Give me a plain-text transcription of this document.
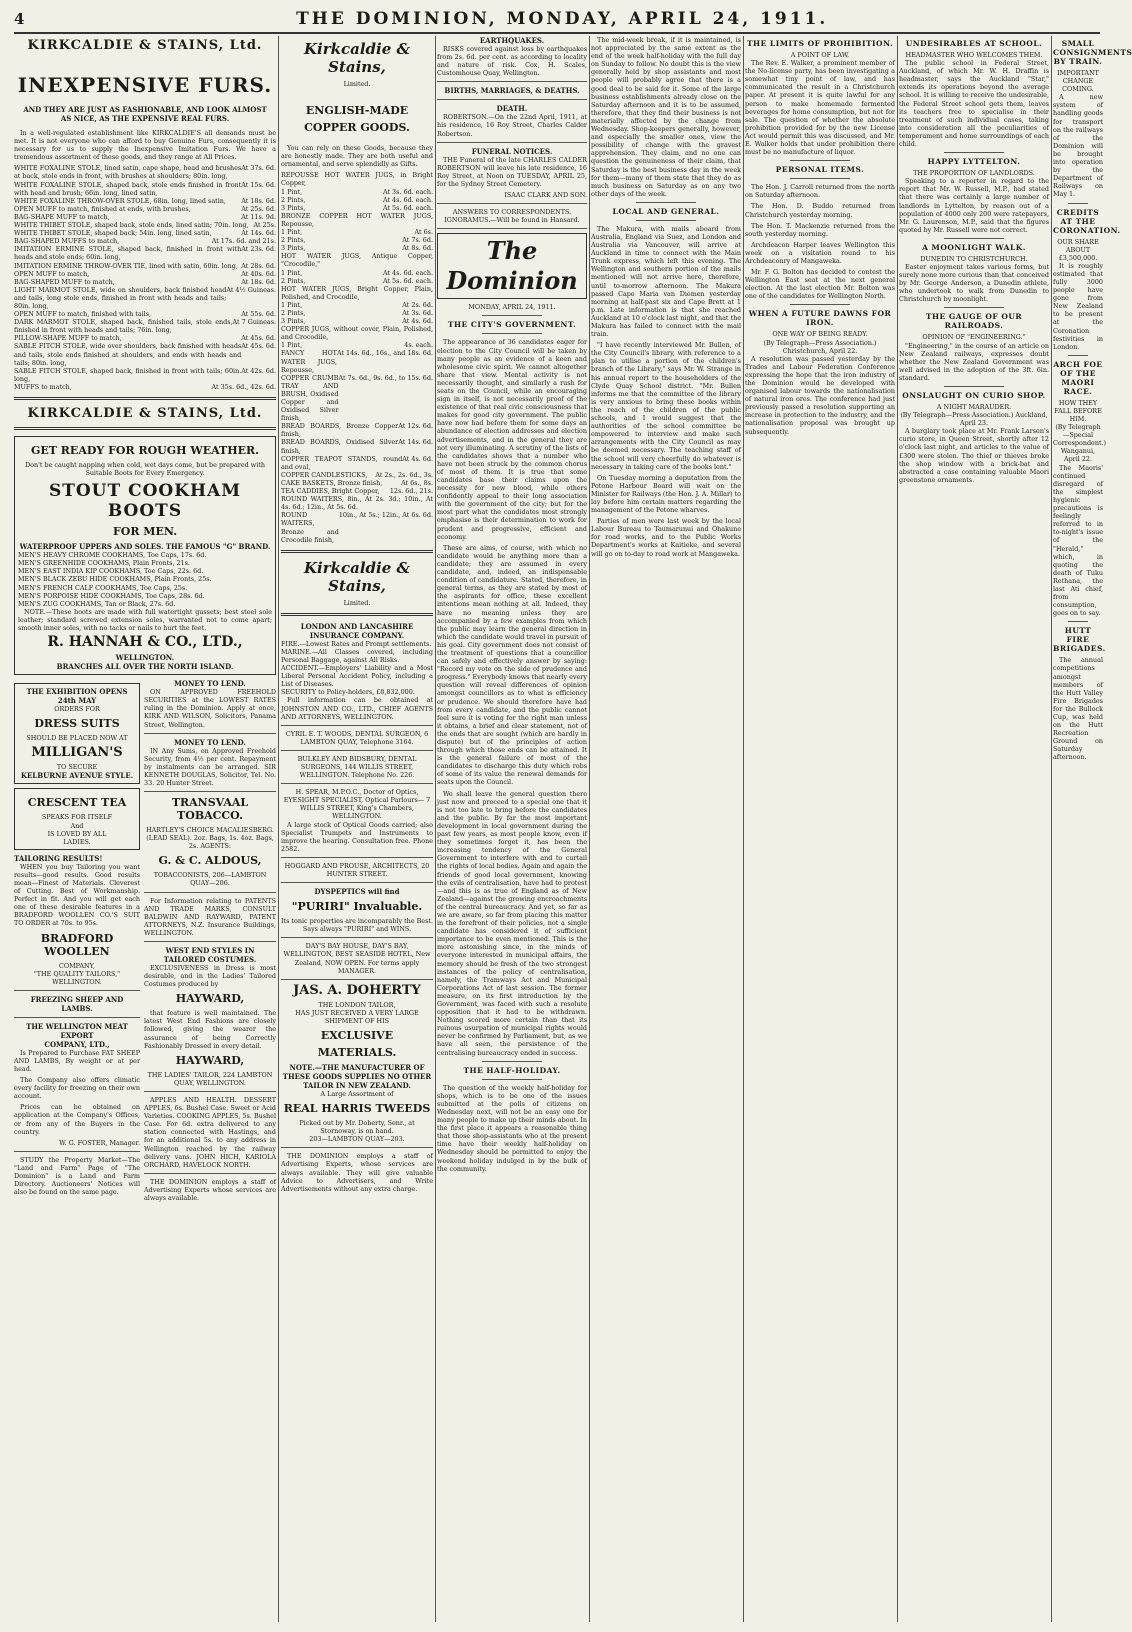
4	THE DOMINION, MONDAY, APRIL 24, 1911.
KIRKCALDIE & STAINS, Ltd.
INEXPENSIVE FURS.
AND THEY ARE JUST AS FASHIONABLE, AND LOOK ALMOST
AS NICE, AS THE EXPENSIVE REAL FURS.

In a well-regulated establishment like KIRKCALDIE'S all demands must be met. It is not everyone who can afford to buy Genuine Furs, consequently it is necessary for us to supply the Inexpensive Imitation Furs. We have a tremendous assortment of these goods, and they range at All Prices.

WHITE FOXALINE STOLE, lined satin, cape shape, head and brushes at back, stole ends in front, with brushes at shoulders; 80in. long,
At 37s. 6d.
WHITE FOXALINE STOLE, shaped back, stole ends finished in front with head and brush; 66in. long, lined satin,
At 15s. 6d.
WHITE FOXALINE THROW-OVER STOLE, 68in. long, lined satin, At 18s. 6d.
OPEN MUFF to match, finished at ends, with brushes,	At 25s. 6d.
BAG-SHAPE MUFF to match,	At 11s. 9d.
WHITE THIBET STOLE, shaped back, stole ends, lined satin; 70in. long, At 25s.
WHITE THIBET STOLE, shaped back; 54in. long, lined satin,	At 14s. 6d.
BAG-SHAPED MUFFS to match,	At 17s. 6d. and 21s.
IMITATION ERMINE STOLE, shaped back, finished in front with heads and stole ends; 60in. long,
At 23s. 6d.
IMITATION ERMINE THROW-OVER TIE, lined with satin, 60in. long, At 28s. 6d.
OPEN MUFF to match,	At 40s. 6d.
BAG-SHAPED MUFF to match,	At 18s. 6d.
LIGHT MARMOT STOLE, wide on shoulders, back finished head and tails, long stole ends, finished in front with heads and tails; 80in. long,
At 4½ Guineas.
OPEN MUFF to match, finished with tails,	At 55s. 6d.
DARK MARMOT STOLE, shaped back, finished tails, stole ends, finished in front with heads and tails; 76in. long,
At 7 Guineas.
PILLOW-SHAPE MUFF to match,	At 45s. 6d.
SABLE FITCH STOLE, wide over shoulders, back finished with heads and tails, stole ends finished at shoulders, and ends with heads and tails; 80in. long,
At 45s. 6d.
SABLE FITCH STOLE, shaped back, finished in front with tails; 60in. long,
At 42s. 6d.
MUFFS to match,	At 35s. 6d., 42s. 6d.
KIRKCALDIE & STAINS, Ltd.
GET READY FOR ROUGH WEATHER.
Don't be caught napping when cold, wet days come, but be prepared with Suitable Boots for Every Emergency.
STOUT COOKHAM BOOTS
FOR MEN.
WATERPROOF UPPERS AND SOLES. THE FAMOUS "G" BRAND.
MEN'S HEAVY CHROME COOKHAMS, Toe Caps, 17s. 6d.
MEN'S GREENHIDE COOKHAMS, Plain Fronts, 21s.
MEN'S EAST INDIA KIP COOKHAMS, Toe Caps, 22s. 6d.
MEN'S BLACK ZEBU HIDE COOKHAMS, Plain Fronts, 25s.
MEN'S FRENCH CALF COOKHAMS, Toe Caps, 25s.
MEN'S PORPOISE HIDE COOKHAMS, Toe Caps, 28s. 6d.
MEN'S ZUG COOKHAMS, Tan or Black, 27s. 6d.

NOTE.—These boots are made with full watertight gussets; best steel sole leather; standard screwed extension soles, warranted not to come apart; smooth inner soles, with no tacks or nails to hurt the feet.

R. HANNAH & CO., LTD.,
WELLINGTON.
BRANCHES ALL OVER THE NORTH ISLAND.
THE EXHIBITION OPENS
24th MAY
ORDERS FOR
DRESS SUITS
SHOULD BE PLACED NOW AT
MILLIGAN'S
TO SECURE
KELBURNE AVENUE STYLE.
CRESCENT TEA
SPEAKS FOR ITSELF
And
IS LOVED BY ALL
LADIES.
TAILORING RESULTS!

WHEN you buy Tailoring you want results—good results. Good results mean—Finest of Materials. Cleverest of Cutting. Best of Workmanship. Perfect in fit. And you will get each one of these desirable features in a BRADFORD WOOLLEN CO.'S SUIT TO ORDER at 70s. to 95s.

BRADFORD WOOLLEN
COMPANY,
"THE QUALITY TAILORS,"
WELLINGTON.
FREEZING SHEEP AND LAMBS.
THE WELLINGTON MEAT EXPORT
COMPANY, LTD.,

Is Prepared to Purchase FAT SHEEP AND LAMBS, By weight or at per head.

The Company also offers climatic every facility for freezing on their own account.

Prices can be obtained on application at the Company's Offices, or from any of the Buyers in the country.

W. G. FOSTER, Manager.

STUDY the Property Market—The "Land and Farm" Page of "The Dominion" is a Land and Farm Directory. Auctioneers' Notices will also be found on the same page.

MONEY TO LEND.

ON APPROVED FREEHOLD SECURITIES at the LOWEST RATES ruling in the Dominion. Apply at once, KIRK AND WILSON, Solicitors, Panama Street, Wellington.

MONEY TO LEND.

IN Any Sums, on Approved Freehold Security, from 4½ per cent. Repayment by instalments can be arranged. SIR KENNETH DOUGLAS, Solicitor, Tel. No. 33. 20 Hunter Street.

TRANSVAAL TOBACCO.
HARTLEY'S CHOICE MACALIESBERG. (LEAD SEAL). 2oz. Bags, 1s. 4oz. Bags, 2s. AGENTS:
G. & C. ALDOUS,
TOBACCONISTS, 206—LAMBTON QUAY—206.

For Information relating to PATENTS AND TRADE MARKS, CONSULT BALDWIN AND RAYWARD, PATENT ATTORNEYS, N.Z. Insurance Buildings, WELLINGTON.

WEST END STYLES IN TAILORED COSTUMES.

EXCLUSIVENESS in Dress is most desirable, and in the Ladies' Tailored Costumes produced by

HAYWARD,

that feature is well maintained. The latest West End Fashions are closely followed, giving the wearer the assurance of being Correctly Fashionably Dressed in every detail.

HAYWARD,
THE LADIES' TAILOR, 224 LAMBTON QUAY, WELLINGTON.

APPLES AND HEALTH. DESSERT APPLES, 6s. Bushel Case. Sweet or Acid Varieties. COOKING APPLES, 5s. Bushel Case. For 6d. extra delivered to any station connected with Hastings, and for an additional 5s. to any address in Wellington reached by the railway delivery vans. JOHN HICH, KARIOLA ORCHARD, HAVELOCK NORTH.

THE DOMINION employs a staff of Advertising Experts whose services are always available.

Kirkcaldie & Stains,
Limited.
ENGLISH-MADE
COPPER GOODS.

You can rely on these Goods, because they are honestly made. They are both useful and ornamental, and serve splendidly as Gifts.

REPOUSSE HOT WATER JUGS, in Bright Copper,
1 Pint,	At 3s. 6d. each.
2 Pints,	At 4s. 6d. each.
3 Pints,	At 5s. 6d. each.
BRONZE COPPER HOT WATER JUGS, Repousse,
1 Pint,	At 6s.
2 Pints,	At 7s. 6d.
3 Pints,	At 8s. 6d.
HOT WATER JUGS, Antique Copper, "Crocodile,"
1 Pint,	At 4s. 6d. each.
2 Pints,	At 5s. 6d. each.
HOT WATER JUGS, Bright Copper, Plain, Polished, and Crocodile,
1 Pint,	At 2s. 6d.
2 Pints,	At 3s. 6d.
3 Pints,	At 4s. 6d.
COPPER JUGS, without cover, Plain, Polished, and Crocodile,
1 Pint,	4s. each.
FANCY HOT WATER JUGS, Repousse,
At 14s. 6d., 16s., and 18s. 6d.
COPPER CRUMB TRAY AND BRUSH, Oxidised Copper and Oxidised Silver finish,
At 7s. 6d., 9s. 6d., to 15s. 6d.
BREAD BOARDS, Bronze Copper finish,
At 12s. 6d.
BREAD BOARDS, Oxidised Silver finish,
At 14s. 6d.
COPPER TEAPOT STANDS, round and oval,
At 4s. 6d.
COPPER CANDLESTICKS, At 2s., 2s. 6d., 3s.
CAKE BASKETS, Bronze finish,	At 6s., 8s.
TEA CADDIES, Bright Copper, 12s. 6d., 21s.
ROUND WAITERS, 8in., At 2s. 3d.; 10in., At 4s. 6d.; 12in., At 5s. 6d.
ROUND WAITERS, Bronze and Crocodile finish,
10in., At 5s.; 12in., At 6s. 6d.
Kirkcaldie & Stains,
Limited.
LONDON AND LANCASHIRE INSURANCE COMPANY.
FIRE.—Lowest Rates and Prompt settlements.
MARINE.—All Classes covered, including Personal Baggage, against All Risks.
ACCIDENT.—Employers' Liability and a Most Liberal Personal Accident Policy, including a List of Diseases.
SECURITY to Policy-holders, £8,832,000.

Full information can be obtained at JOHNSTON AND CO., LTD., CHIEF AGENTS AND ATTORNEYS, WELLINGTON.

CYRIL E. T. WOODS, DENTAL SURGEON, 6 LAMBTON QUAY, Telephone 3164.
BULKLEY AND BIDSBURY, DENTAL SURGEONS, 144 WILLIS STREET, WELLINGTON. Telephone No. 226.
H. SPEAR, M.P.O.C., Doctor of Optics, EYESIGHT SPECIALIST, Optical Parlours— 7 WILLIS STREET, King's Chambers, WELLINGTON.

A large stock of Optical Goods carried; also Specialist Trumpets and Instruments to improve the hearing. Consultation free. Phone 2582.

HOGGARD AND PROUSE, ARCHITECTS, 20 HUNTER STREET.
DYSPEPTICS will find
"PURIRI" Invaluable.
Its tonic properties are incomparably the Best.
Says always "PURIRI" and WINS.
DAY'S BAY HOUSE, DAY'S BAY, WELLINGTON, BEST SEASIDE HOTEL, New Zealand, NOW OPEN. For terms apply MANAGER.
JAS. A. DOHERTY
THE LONDON TAILOR,
HAS JUST RECEIVED A VERY LARGE SHIPMENT OF HIS
EXCLUSIVE
MATERIALS.
NOTE.—THE MANUFACTURER OF THESE GOODS SUPPLIES NO OTHER TAILOR IN NEW ZEALAND.
A Large Assortment of
REAL HARRIS TWEEDS
Picked out by Mr. Doherty, Senr., at Stornoway, is on hand.
203—LAMBTON QUAY—203.

THE DOMINION employs a staff of Advertising Experts, whose services are always available. They will give valuable Advice to Advertisers, and Write Advertisements without any extra charge.

EARTHQUAKES.

RISKS covered against loss by earthquakes from 2s. 6d. per cent. as according to locality and nature of risk. Cox, H. Scales, Customhouse Quay, Wellington.

BIRTHS, MARRIAGES, & DEATHS.
DEATH.

ROBERTSON.—On the 22nd April, 1911, at his residence, 16 Roy Street, Charles Calder Robertson.

FUNERAL NOTICES.

THE Funeral of the late CHARLES CALDER ROBERTSON will leave his late residence, 16 Roy Street, at Noon on TUESDAY, APRIL 25, for the Sydney Street Cemetery.

ISAAC CLARK AND SON.
ANSWERS TO CORRESPONDENTS. IGNORAMUS.—Will be found in Hansard.
The Dominion
MONDAY, APRIL 24, 1911.
THE CITY'S GOVERNMENT.

The appearance of 36 candidates eager for election to the City Council will be taken by many people as an evidence of a keen and wholesome civic spirit. We cannot altogether share that view. Mental activity is not necessarily thought, and similarly a rush for seats on the Council, while an encouraging sign in itself, is not necessarily proof of the existence of that real civic consciousness that makes for good city government. The public have now had before them for some days an abundance of election addresses and election advertisements, and in the general they are not very illuminating. A scrutiny of the lists of the candidates shows that a number who have not been struck by the common chorus of most of them. It is true that some candidates base their claims upon the necessity for new blood, while others confidently appeal to their long association with the government of the city; but for the most part what the candidates most strongly emphasise is their determination to work for prudent and progressive, efficient and economy.

These are aims, of course, with which no candidate would be anything more than a candidate; they are assumed in every candidate, and, indeed, an indispensable condition of candidature. Stated, therefore, in general terms, as they are stated by most of the aspirants for office, these excellent intentions mean nothing at all. Indeed, they have no meaning unless they are accompanied by a few examples from which the public may learn the general direction in which the candidate would travel in pursuit of his goal. City government does not consist of the treatment of questions that a councillor can safely and effectively answer by saying: "Record my vote on the side of prudence and progress." Everybody knows that nearly every question will reveal differences of opinion amongst councillors as to what is efficiency or prudence. We should therefore have had from every candidate, and the public cannot feel sure it is voting for the right man unless it obtains, a brief and clear statement, not of the ends that are sought (which are hardly in dispute) but of the principles of action through which those ends can be attained. It is the general failure of most of the candidates to discharge this duty which robs of some of its value the renewal demands for seats upon the Council.

We shall leave the general question there just now and proceed to a special one that it is not too late to bring before the candidates and the public. By far the most important development in local government during the past few years, as most people know, even if they sometimes forget it, has been the increasing tendency of the General Government to interfere with and to curtail the rights of local bodies. Again and again the friends of good local government, knowing the evils of centralisation, have had to protest—and this is as true of England as of New Zealand—against the growing encroachments of the central bureaucracy. And yet, so far as we are aware, so far from placing this matter in the forefront of their policies, not a single candidate has considered it of sufficient importance to be even mentioned. This is the more astonishing since, in the minds of everyone interested in municipal affairs, the memory should be fresh of the two strongest instances of the policy of centralisation, namely, the Tramways Act and Municipal Corporations Act of last session. The former measure, on its first introduction by the Government, was faced with such a resolute opposition that it had to be withdrawn. Nothing scored more certain than that its ruinous usurpation of municipal rights would never be confirmed by Parliament, but, as we have all seen, the persistence of the centralising bureaucracy ended in success.

THE HALF-HOLIDAY.

The question of the weekly half-holiday for shops, which is to be one of the issues submitted at the polls of citizens on Wednesday next, will not be an easy one for many people to make up their minds about. In the first place it appears a reasonable thing that those shop-assistants who at the present time have their weekly half-holiday on Wednesday should be permitted to enjoy the weekend holiday indulged in by the bulk of the community.

The mid-week break, if it is maintained, is not appreciated by the same extent as the end of the week half-holiday with the full day on Sunday to follow. No doubt this is the view generally held by shop assistants and most people will probably agree that there is a good deal to be said for it. Some of the large business establishments already close on the Saturday afternoon and it is to be assumed, therefore, that they find their business is not materially affected by the change from Wednesday. Shop-keepers generally, however, and especially the smaller ones, view the possibility of change with the gravest apprehension. They claim, and no one can question the genuineness of their claim, that Saturday is the best business day in the week for them—many of them state that they do as much business on Saturday as on any two other days of the week.

LOCAL AND GENERAL.

The Makura, with mails aboard from Australia, England via Suez, and London and Australia via Vancouver, will arrive at Auckland in time to connect with the Main Trunk express, which left this evening. The Wellington and southern portion of the mails mentioned will not arrive here, therefore, until to-morrow afternoon. The Makura passed Cape Maria van Diemen yesterday morning at half-past six and Cape Brett at 1 p.m. Late information is that she reached Auckland at 10 o'clock last night, and that the Makura has failed to connect with the mail train.

"I have recently interviewed Mr. Bullen, of the City Council's library, with reference to a plan to utilise a portion of the children's branch of the Library," says Mr. W. Strange in his annual report to the householders of the Clyde Quay School district. "Mr. Bullen informs me that the committee of the library is very anxious to bring these books within the reach of the children of the public schools, and I would suggest that the authorities of the school committee be empowered to interview and make such arrangements with the City Council as may be deemed necessary. The teaching staff of the school will very cheerfully do whatever is necessary in taking care of the books lent."

On Tuesday morning a deputation from the Petone Harbour Board will wait on the Minister for Railways (the Hon. J. A. Millar) to lay before him certain matters regarding the management of the Petone wharves.

Parties of men were last week by the local Labour Bureau to Taumarunui and Ohakune for road works, and to the Public Works Department's works at Kaitieke, and several will go on to-day to road work at Mangaweka.

THE LIMITS OF PROHIBITION.
A POINT OF LAW.

The Rev. E. Walker, a prominent member of the No-license party, has been investigating a somewhat tiny point of law, and has communicated the result in a Christchurch paper. At present it is quite lawful for any person to make homemade fermented beverages for home consumption, but not for sale. The question of whether the absolute prohibition provided for by the new License Act would permit this was discussed, and Mr. E. Walker holds that under prohibition there must be no manufacture of liquor.

PERSONAL ITEMS.

The Hon. J. Carroll returned from the north on Saturday afternoon.

The Hon. D. Buddo returned from Christchurch yesterday morning.

The Hon. T. Mackenzie returned from the south yesterday morning.

Archdeacon Harper leaves Wellington this week on a visitation round to his Archdeaconry of Mangaweka.

Mr. F. G. Bolton has decided to contest the Wellington East seat at the next general election. At the last election Mr. Bolton was one of the candidates for Wellington North.

WHEN A FUTURE DAWNS FOR IRON.
ONE WAY OF BEING READY.
(By Telegraph—Press Association.) Christchurch, April 22.

A resolution was passed yesterday by the Trades and Labour Federation Conference expressing the hope that the iron industry of the Dominion would be developed with organised labour towards the nationalisation of natural iron ores. The conference had just previously passed a resolution supporting an increase in protection to the industry, and the nationalisation proposal was brought up subsequently.

UNDESIRABLES AT SCHOOL.
HEADMASTER WHO WELCOMES THEM.

The public school in Federal Street, Auckland, of which Mr. W. H. Draffin is headmaster, says the Auckland "Star," extends its operations beyond the average school. It is willing to receive the undesirable, the Federal Street school gets them, leaves its teachers free to specialise in their treatment of such individual cases, taking into consideration all the peculiarities of temperament and home surroundings of each child.

HAPPY LYTTELTON.
THE PROPORTION OF LANDLORDS.

Speaking to a reporter in regard to the report that Mr. W. Russell, M.P., had stated that there was certainly a large number of landlords in Lyttelton, by reason out of a population of 4000 only 200 were ratepayers, Mr. G. Laurenson, M.P., said that the figures quoted by Mr. Russell were not correct.

A MOONLIGHT WALK.
DUNEDIN TO CHRISTCHURCH.

Easter enjoyment takes various forms, but surely none more curious than that conceived by Mr. George Anderson, a Dunedin athlete, who undertook to walk from Dunedin to Christchurch by moonlight.

THE GAUGE OF OUR RAILROADS.
OPINION OF "ENGINEERING."

"Engineering," in the course of an article on New Zealand railways, expresses doubt whether the New Zealand Government was well advised in the adoption of the 3ft. 6in. standard.

ONSLAUGHT ON CURIO SHOP.
A NIGHT MARAUDER.
(By Telegraph—Press Association.) Auckland, April 23.

A burglary took place at Mr. Frank Larsen's curio store, in Queen Street, shortly after 12 o'clock last night, and articles to the value of £300 were stolen. The thief or thieves broke the shop window with a brick-bat and abstracted a case containing valuable Maori greenstone ornaments.

SMALL CONSIGNMENTS BY TRAIN.
IMPORTANT CHANGE COMING.

A new system of handling goods for transport on the railways of the Dominion will be brought into operation by the Department of Railways on May 1.

CREDITS AT THE CORONATION.
OUR SHARE ABOUT £3,500,000.

It is roughly estimated that fully 3000 people have gone from New Zealand to be present at the Coronation festivities in London.

ARCH FOE OF THE MAORI RACE.
HOW THEY FALL BEFORE HIM.
(By Telegraph—Special Correspondent.) Wanganui, April 22.

The Maoris' continued disregard of the simplest hygienic precautions is feelingly referred to in to-night's issue of the "Herald," which, in quoting the death of Tuku Rethana, the last Ati chief, from consumption, goes on to say.

HUTT FIRE BRIGADES.

The annual competitions amongst members of the Hutt Valley Fire Brigades for the Bullock Cup, was held on the Hutt Recreation Ground on Saturday afternoon.
